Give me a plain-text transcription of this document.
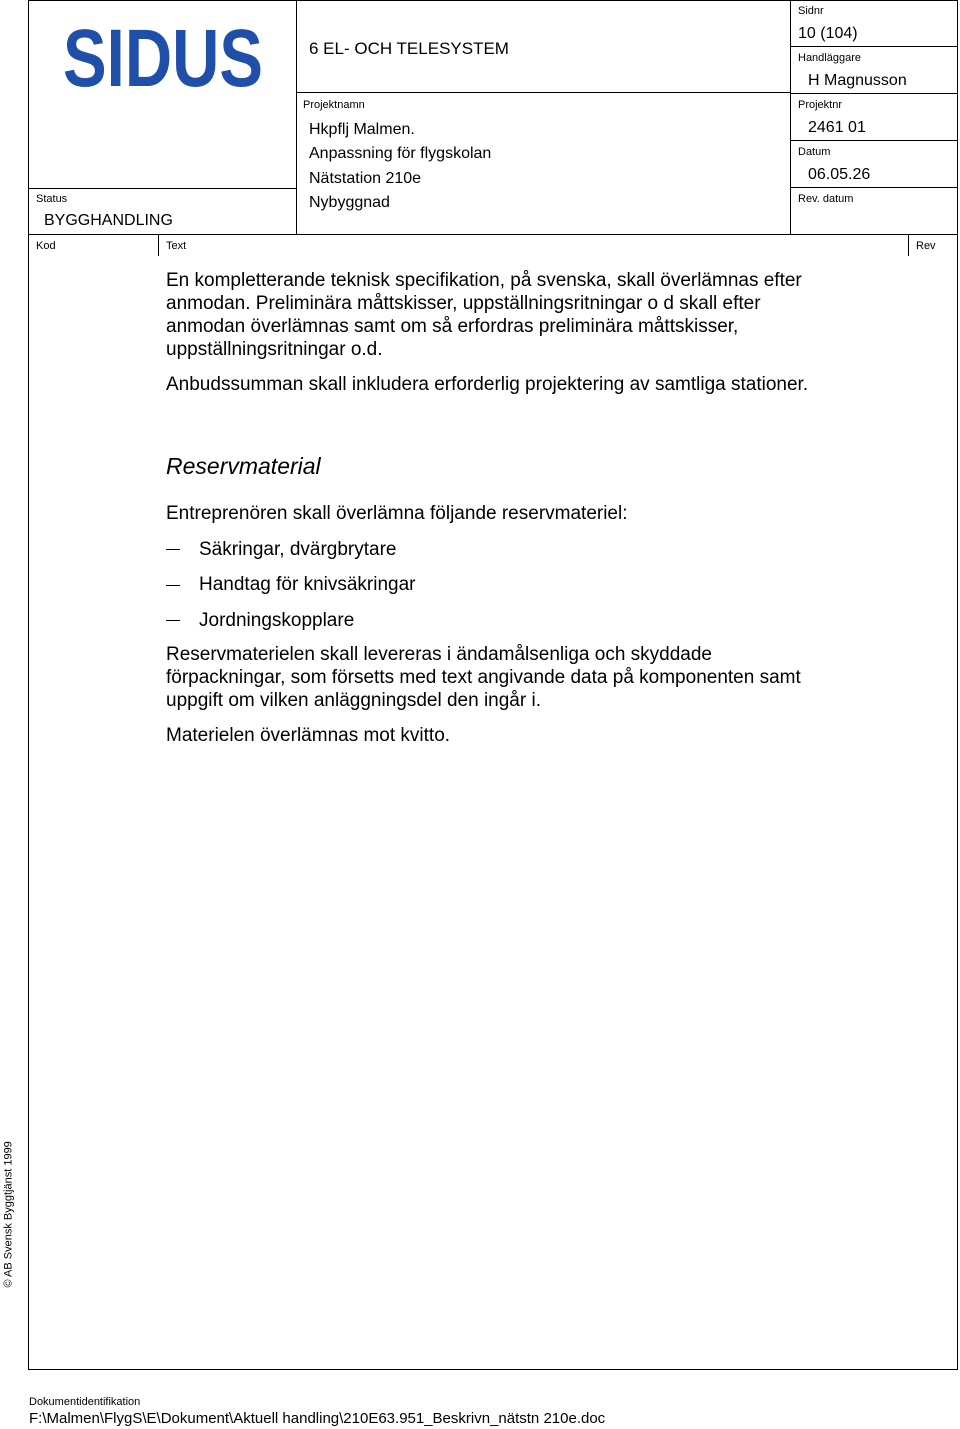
SIDUS	6 EL- OCH TELESYSTEM
Projektnamn
Hkpflj Malmen.
Anpassning för flygskolan
Nätstation 210e
Nybyggnad
Status
BYGGHANDLING
Sidnr
10 (104)
Handläggare
H Magnusson
Projektnr
2461 01
Datum
06.05.26
Rev. datum
Kod	Text	Rev

En kompletterande teknisk specifikation, på svenska, skall överlämnas efter anmodan. Preliminära måttskisser, uppställningsritningar o d skall efter anmodan överlämnas samt om så erfordras preliminära måttskisser, uppställningsritningar o.d.

Anbudssumman skall inkludera erforderlig projektering av samtliga stationer.

Reservmaterial

Entreprenören skall överlämna följande reservmateriel:

Säkringar, dvärgbrytare
Handtag för knivsäkringar
Jordningskopplare

Reservmaterielen skall levereras i ändamålsenliga och skyddade förpackningar, som försetts med text angivande data på komponenten samt uppgift om vilken anläggningsdel den ingår i.

Materielen överlämnas mot kvitto.

© AB Svensk Byggtjänst 1999
Dokumentidentifikation
F:\Malmen\FlygS\E\Dokument\Aktuell handling\210E63.951_Beskrivn_nätstn 210e.doc
